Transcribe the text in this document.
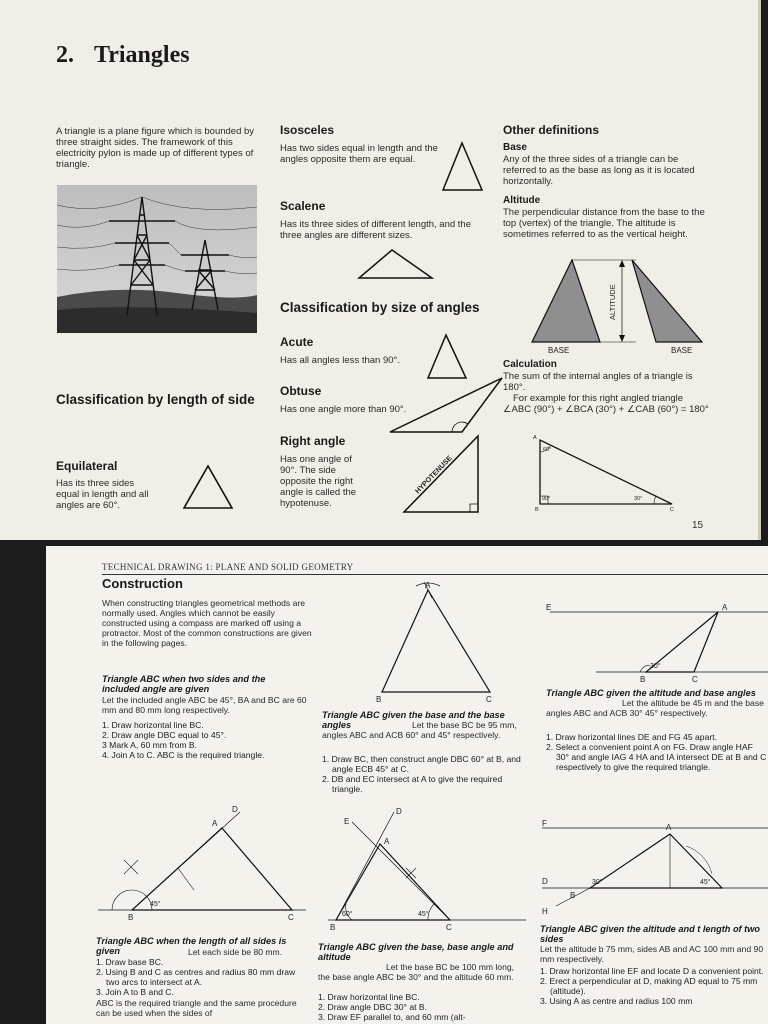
2. Triangles
A triangle is a plane figure which is bounded by three straight sides. The framework of this electricity pylon is made up of different types of triangle.
Classification by length of side
Equilateral
Has its three sides equal in length and all angles are 60°.
Isosceles
Has two sides equal in length and the angles opposite them are equal.
Scalene
Has its three sides of different length, and the three angles are different sizes.
Classification by size of angles
Acute
Has all angles less than 90°.
Obtuse
Has one angle more than 90°.
Right angle
Has one angle of 90°. The side opposite the right angle is called the hypotenuse.
HYPOTENUSE
Other definitions
Base
Any of the three sides of a triangle can be referred to as the base as long as it is located horizontally.
Altitude
The perpendicular distance from the base to the top (vertex) of the triangle. The altitude is sometimes referred to as the vertical height.
ALTITUDE
BASE	BASE
Calculation
The sum of the internal angles of a triangle is 180°.
For example for this right angled triangle ∠ABC (90°) + ∠BCA (30°) + ∠CAB (60°) = 180°
60°
90°	30°
A
B	C
15
TECHNICAL DRAWING 1: PLANE AND SOLID GEOMETRY
Construction
When constructing triangles geometrical methods are normally used. Angles which cannot be easily constructed using a compass are marked off using a protractor. Most of the common constructions are given in the following pages.
Triangle ABC when two sides and the included angle are given
Let the included angle ABC be 45°, BA and BC are 60 mm and 80 mm long respectively.
1. Draw horizontal line BC.
2. Draw angle DBC equal to 45°.
3 Mark A, 60 mm from B.
4. Join A to C. ABC is the required triangle.
A
B	C
Triangle ABC given the base and the base angles	Let the base BC be 95 mm, angles ABC and ACB 60° and 45° respectively.
1. Draw BC, then construct angle DBC 60° at B, and angle ECB 45° at C.
2. DB and EC intersect at A to give the required triangle.
E	A
B	C
30°
Triangle ABC given the altitude and base angles
Let the altitude be 45 m and the base angles ABC and ACB 30° 45° respectively.
1. Draw horizontal lines DE and FG 45 apart.
2. Select a convenient point A on FG. Draw angle HAF 30° and angle IAG 4 HA and IA intersect DE at B and C respectively to give the required triangle.
D
A
B	C
45°
Triangle ABC when the length of all sides is given	Let each side be 80 mm.
1. Draw base BC.
2. Using B and C as centres and radius 80 mm draw two arcs to intersect at A.
3. Join A to B and C.
ABC is the required triangle and the same procedure can be used when the sides of
D
E
A
B	C
60°	45°
Triangle ABC given the base, base angle and altitude
Let the base BC be 100 mm long, the base angle ABC be 30° and the altitude 60 mm.
1. Draw horizontal line BC.
2. Draw angle DBC 30° at B.
3. Draw EF parallel to, and 60 mm (alt-
F	A
D
B
H
30°	45°
Triangle ABC given the altitude and t length of two sides
Let the altitude b 75 mm, sides AB and AC 100 mm and 90 mm respectively.
1. Draw horizontal line EF and locate D a convenient point.
2. Erect a perpendicular at D, making AD equal to 75 mm (altitude).
3. Using A as centre and radius 100 mm
